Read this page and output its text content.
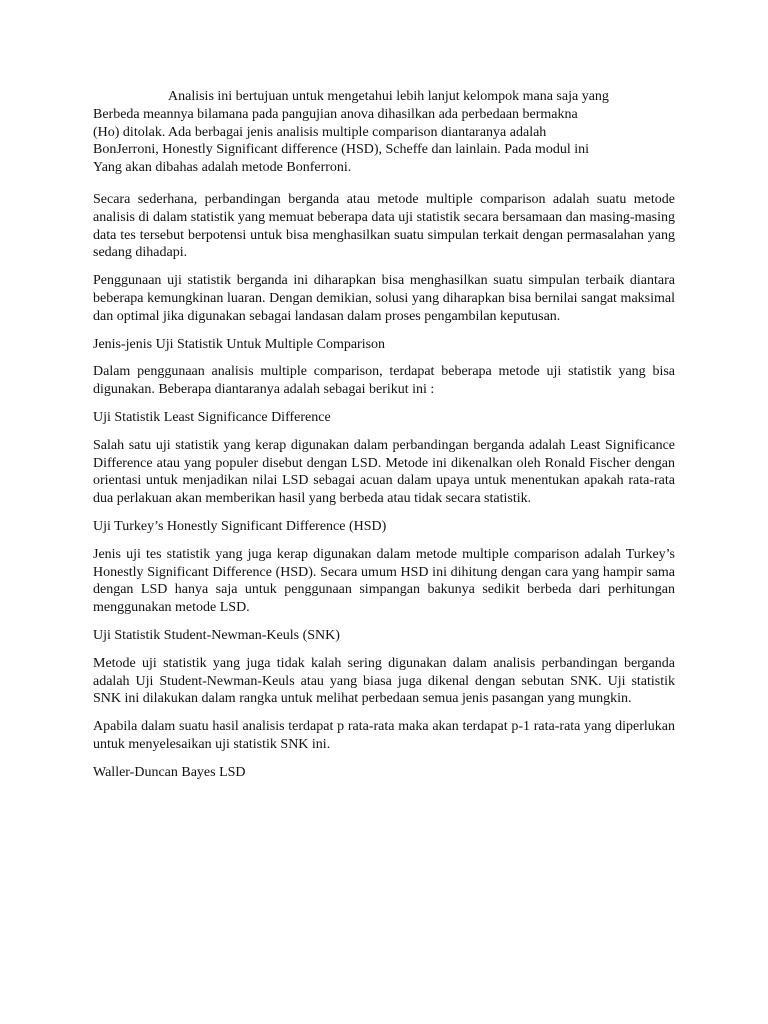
Analisis ini bertujuan untuk mengetahui lebih lanjut kelompok mana saja yang
Berbeda meannya bilamana pada pangujian anova dihasilkan ada perbedaan bermakna
(Ho) ditolak. Ada berbagai jenis analisis multiple comparison diantaranya adalah
BonJerroni, Honestly Significant difference (HSD), Scheffe dan lainlain. Pada modul ini
Yang akan dibahas adalah metode Bonferroni.

Secara sederhana, perbandingan berganda atau metode multiple comparison adalah suatu metode analisis di dalam statistik yang memuat beberapa data uji statistik secara bersamaan dan masing-masing data tes tersebut berpotensi untuk bisa menghasilkan suatu simpulan terkait dengan permasalahan yang sedang dihadapi.

Penggunaan uji statistik berganda ini diharapkan bisa menghasilkan suatu simpulan terbaik diantara beberapa kemungkinan luaran. Dengan demikian, solusi yang diharapkan bisa bernilai sangat maksimal dan optimal jika digunakan sebagai landasan dalam proses pengambilan keputusan.

Jenis-jenis Uji Statistik Untuk Multiple Comparison

Dalam penggunaan analisis multiple comparison, terdapat beberapa metode uji statistik yang bisa digunakan. Beberapa diantaranya adalah sebagai berikut ini :

Uji Statistik Least Significance Difference

Salah satu uji statistik yang kerap digunakan dalam perbandingan berganda adalah Least Significance Difference atau yang populer disebut dengan LSD. Metode ini dikenalkan oleh Ronald Fischer dengan orientasi untuk menjadikan nilai LSD sebagai acuan dalam upaya untuk menentukan apakah rata-rata dua perlakuan akan memberikan hasil yang berbeda atau tidak secara statistik.

Uji Turkey’s Honestly Significant Difference (HSD)

Jenis uji tes statistik yang juga kerap digunakan dalam metode multiple comparison adalah Turkey’s Honestly Significant Difference (HSD). Secara umum HSD ini dihitung dengan cara yang hampir sama dengan LSD hanya saja untuk penggunaan simpangan bakunya sedikit berbeda dari perhitungan menggunakan metode LSD.

Uji Statistik Student-Newman-Keuls (SNK)

Metode uji statistik yang juga tidak kalah sering digunakan dalam analisis perbandingan berganda adalah Uji Student-Newman-Keuls atau yang biasa juga dikenal dengan sebutan SNK. Uji statistik SNK ini dilakukan dalam rangka untuk melihat perbedaan semua jenis pasangan yang mungkin.

Apabila dalam suatu hasil analisis terdapat p rata-rata maka akan terdapat p-1 rata-rata yang diperlukan untuk menyelesaikan uji statistik SNK ini.

Waller-Duncan Bayes LSD
